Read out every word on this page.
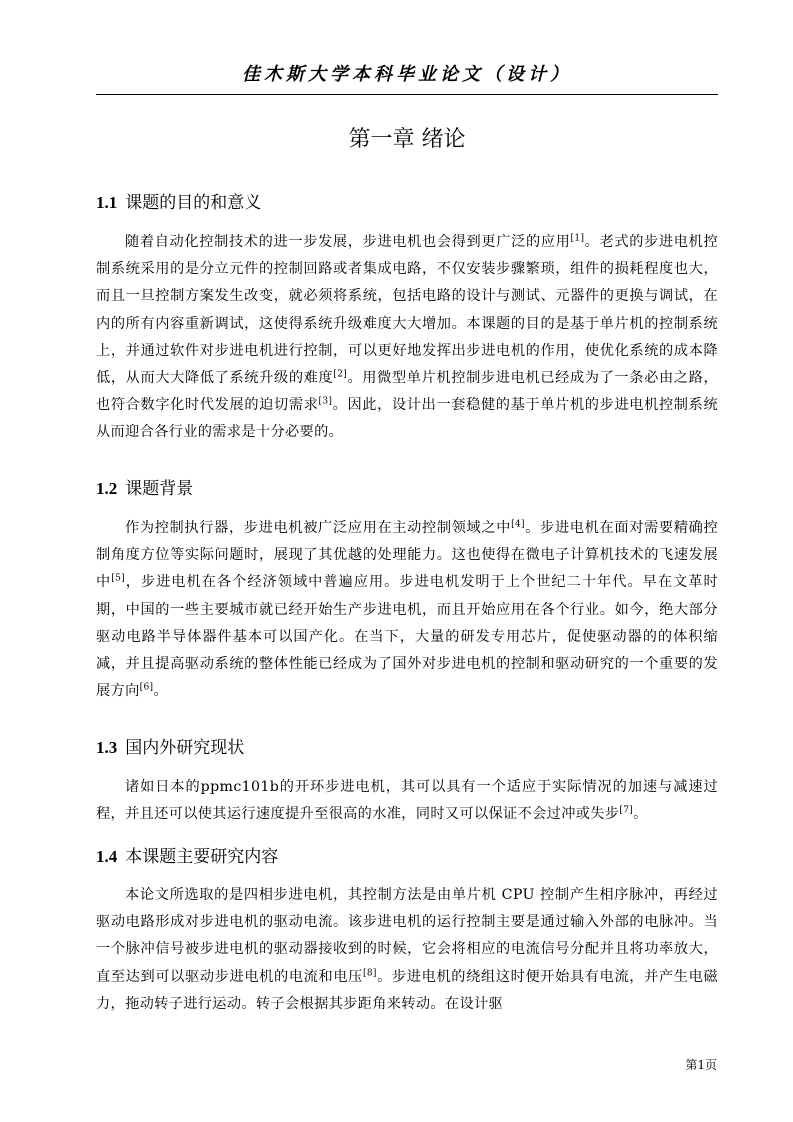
佳木斯大学本科毕业论文（设计）
第一章 绪论
1.1 课题的目的和意义

随着自动化控制技术的进一步发展，步进电机也会得到更广泛的应用[1]。老式的步进电机控制系统采用的是分立元件的控制回路或者集成电路，不仅安装步骤繁琐，组件的损耗程度也大，而且一旦控制方案发生改变，就必须将系统，包括电路的设计与测试、元器件的更换与调试，在内的所有内容重新调试，这使得系统升级难度大大增加。本课题的目的是基于单片机的控制系统上，并通过软件对步进电机进行控制，可以更好地发挥出步进电机的作用，使优化系统的成本降低，从而大大降低了系统升级的难度[2]。用微型单片机控制步进电机已经成为了一条必由之路，也符合数字化时代发展的迫切需求[3]。因此，设计出一套稳健的基于单片机的步进电机控制系统从而迎合各行业的需求是十分必要的。

1.2 课题背景

作为控制执行器，步进电机被广泛应用在主动控制领域之中[4]。步进电机在面对需要精确控制角度方位等实际问题时，展现了其优越的处理能力。这也使得在微电子计算机技术的飞速发展中[5]，步进电机在各个经济领域中普遍应用。步进电机发明于上个世纪二十年代。早在文革时期，中国的一些主要城市就已经开始生产步进电机，而且开始应用在各个行业。如今，绝大部分驱动电路半导体器件基本可以国产化。在当下，大量的研发专用芯片，促使驱动器的的体积缩减，并且提高驱动系统的整体性能已经成为了国外对步进电机的控制和驱动研究的一个重要的发展方向[6]。

1.3 国内外研究现状

诸如日本的ppmc101b的开环步进电机，其可以具有一个适应于实际情况的加速与减速过程，并且还可以使其运行速度提升至很高的水准，同时又可以保证不会过冲或失步[7]。

1.4 本课题主要研究内容

本论文所选取的是四相步进电机，其控制方法是由单片机 CPU 控制产生相序脉冲，再经过驱动电路形成对步进电机的驱动电流。该步进电机的运行控制主要是通过输入外部的电脉冲。当一个脉冲信号被步进电机的驱动器接收到的时候，它会将相应的电流信号分配并且将功率放大，直至达到可以驱动步进电机的电流和电压[8]。步进电机的绕组这时便开始具有电流，并产生电磁力，拖动转子进行运动。转子会根据其步距角来转动。在设计驱

第1页
